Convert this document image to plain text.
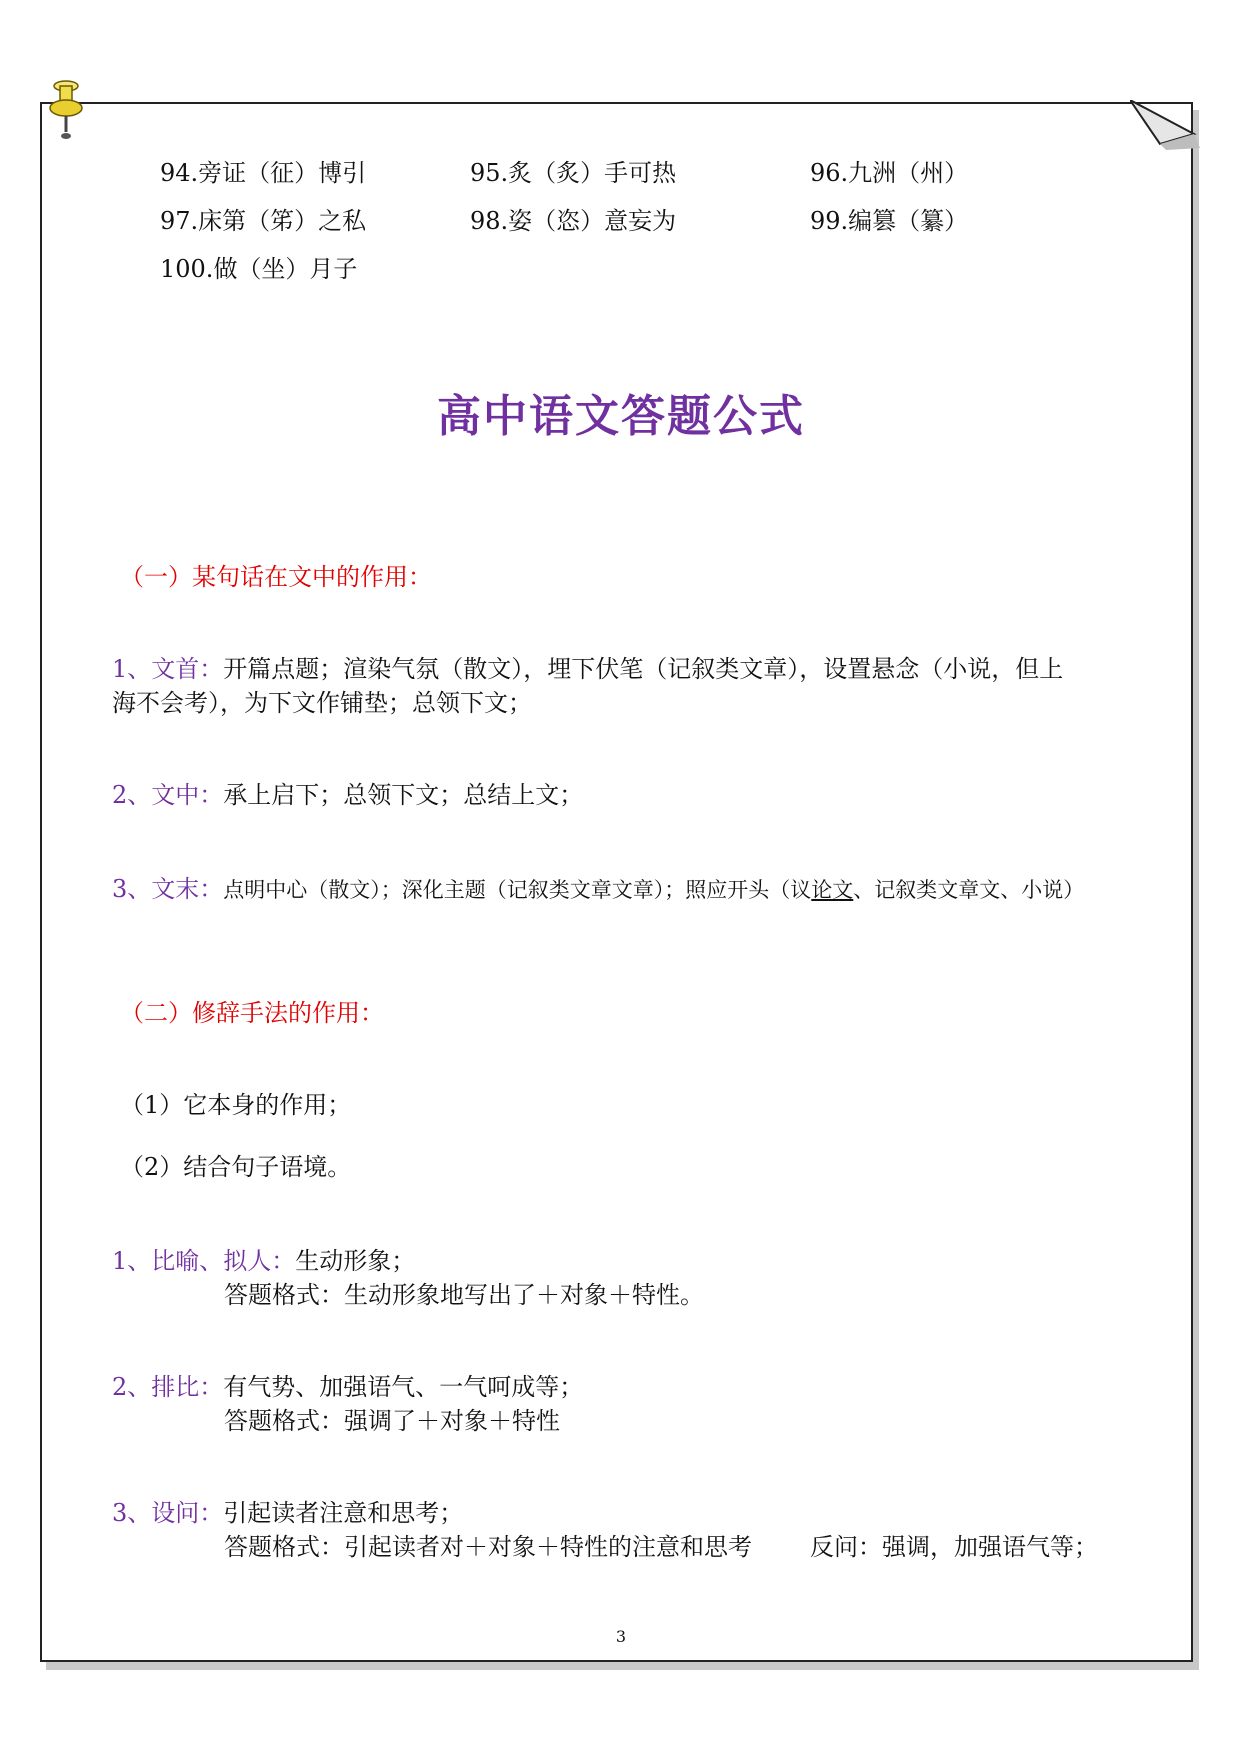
94.旁证（征）博引	95.炙（炙）手可热	96.九洲（州）
97.床第（笫）之私	98.姿（恣）意妄为	99.编篡（纂）
100.做（坐）月子
高中语文答题公式
（一）某句话在文中的作用：
1、文首：开篇点题；渲染气氛（散文），埋下伏笔（记叙类文章），设置悬念（小说，但上
海不会考），为下文作铺垫；总领下文；
2、文中：承上启下；总领下文；总结上文；
3、文末：点明中心（散文）；深化主题（记叙类文章文章）；照应开头（议论文、记叙类文章文、小说）
（二）修辞手法的作用：
（1）它本身的作用；
（2）结合句子语境。
1、比喻、拟人：生动形象；
答题格式：生动形象地写出了＋对象＋特性。
2、排比：有气势、加强语气、一气呵成等；
答题格式：强调了＋对象＋特性
3、设问：引起读者注意和思考；
答题格式：引起读者对＋对象＋特性的注意和思考 反问：强调，加强语气等；
3
